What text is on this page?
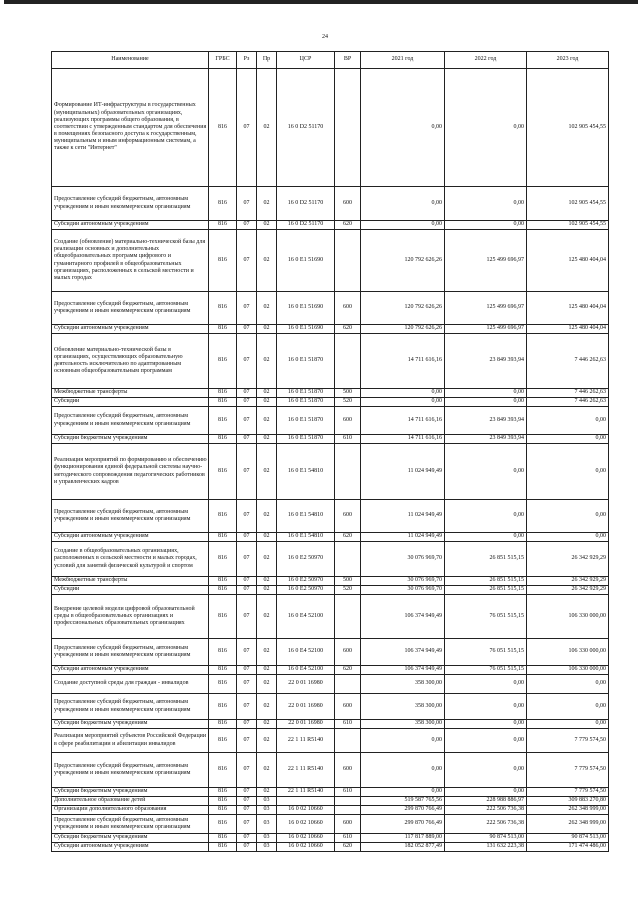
24
Наименование	ГРБС	Рз	Пр	ЦСР	ВР	2021 год	2022 год	2023 год
Формирование ИТ-инфраструктуры в государственных (муниципальных) образовательных организациях, реализующих программы общего образования, в соответствии с утвержденным стандартом для обеспечения в помещениях безопасного доступа к государственным, муниципальным и иным информационным системам, а также к сети "Интернет"	816	07	02	16 0 D2 51170		0,00	0,00	102 905 454,55
Предоставление субсидий бюджетным, автономным учреждениям и иным некоммерческим организациям	816	07	02	16 0 D2 51170	600	0,00	0,00	102 905 454,55
Субсидии автономным учреждениям	816	07	02	16 0 D2 51170	620	0,00	0,00	102 905 454,55
Создание (обновление) материально-технической базы для реализации основных и дополнительных общеобразовательных программ цифрового и гуманитарного профилей в общеобразовательных организациях, расположенных в сельской местности и малых городах	816	07	02	16 0 E1 51690		120 792 626,26	125 499 696,97	125 480 404,04
Предоставление субсидий бюджетным, автономным учреждениям и иным некоммерческим организациям	816	07	02	16 0 E1 51690	600	120 792 626,26	125 499 696,97	125 480 404,04
Субсидии автономным учреждениям	816	07	02	16 0 E1 51690	620	120 792 626,26	125 499 696,97	125 480 404,04
Обновление материально-технической базы в организациях, осуществляющих образовательную деятельность исключительно по адаптированным основным общеобразовательным программам	816	07	02	16 0 E1 51870		14 711 616,16	23 849 393,94	7 446 262,63
Межбюджетные трансферты	816	07	02	16 0 E1 51870	500	0,00	0,00	7 446 262,63
Субсидии	816	07	02	16 0 E1 51870	520	0,00	0,00	7 446 262,63
Предоставление субсидий бюджетным, автономным учреждениям и иным некоммерческим организациям	816	07	02	16 0 E1 51870	600	14 711 616,16	23 849 393,94	0,00
Субсидии бюджетным учреждениям	816	07	02	16 0 E1 51870	610	14 711 616,16	23 849 393,94	0,00
Реализация мероприятий по формированию и обеспечению функционирования единой федеральной системы научно-методического сопровождения педагогических работников и управленческих кадров	816	07	02	16 0 E1 54810		11 024 949,49	0,00	0,00
Предоставление субсидий бюджетным, автономным учреждениям и иным некоммерческим организациям	816	07	02	16 0 E1 54810	600	11 024 949,49	0,00	0,00
Субсидии автономным учреждениям	816	07	02	16 0 E1 54810	620	11 024 949,49	0,00	0,00
Создание в общеобразовательных организациях, расположенных в сельской местности и малых городах, условий для занятий физической культурой и спортом	816	07	02	16 0 E2 50970		30 076 969,70	26 851 515,15	26 342 929,29
Межбюджетные трансферты	816	07	02	16 0 E2 50970	500	30 076 969,70	26 851 515,15	26 342 929,29
Субсидии	816	07	02	16 0 E2 50970	520	30 076 969,70	26 851 515,15	26 342 929,29
Внедрение целевой модели цифровой образовательной среды в общеобразовательных организациях и профессиональных образовательных организациях	816	07	02	16 0 E4 52100		106 374 949,49	76 051 515,15	106 330 000,00
Предоставление субсидий бюджетным, автономным учреждениям и иным некоммерческим организациям	816	07	02	16 0 E4 52100	600	106 374 949,49	76 051 515,15	106 330 000,00
Субсидии автономным учреждениям	816	07	02	16 0 E4 52100	620	106 374 949,49	76 051 515,15	106 330 000,00
Создание доступной среды для граждан - инвалидов	816	07	02	22 0 01 16980		358 300,00	0,00	0,00
Предоставление субсидий бюджетным, автономным учреждениям и иным некоммерческим организациям	816	07	02	22 0 01 16980	600	358 300,00	0,00	0,00
Субсидии бюджетным учреждениям	816	07	02	22 0 01 16980	610	358 300,00	0,00	0,00
Реализация мероприятий субъектов Российской Федерации в сфере реабилитации и абилитации инвалидов	816	07	02	22 1 11 R5140		0,00	0,00	7 779 574,50
Предоставление субсидий бюджетным, автономным учреждениям и иным некоммерческим организациям	816	07	02	22 1 11 R5140	600	0,00	0,00	7 779 574,50
Субсидии бюджетным учреждениям	816	07	02	22 1 11 R5140	610	0,00	0,00	7 779 574,50
Дополнительное образование детей	816	07	03			519 587 765,56	228 988 886,97	309 883 270,80
Организации дополнительного образования	816	07	03	16 0 02 10660		299 870 766,49	222 506 736,38	262 348 999,00
Предоставление субсидий бюджетным, автономным учреждениям и иным некоммерческим организациям	816	07	03	16 0 02 10660	600	299 870 766,49	222 506 736,38	262 348 999,00
Субсидии бюджетным учреждениям	816	07	03	16 0 02 10660	610	117 817 889,00	90 874 513,00	90 874 513,00
Субсидии автономным учреждениям	816	07	03	16 0 02 10660	620	182 052 877,49	131 632 223,38	171 474 486,00
